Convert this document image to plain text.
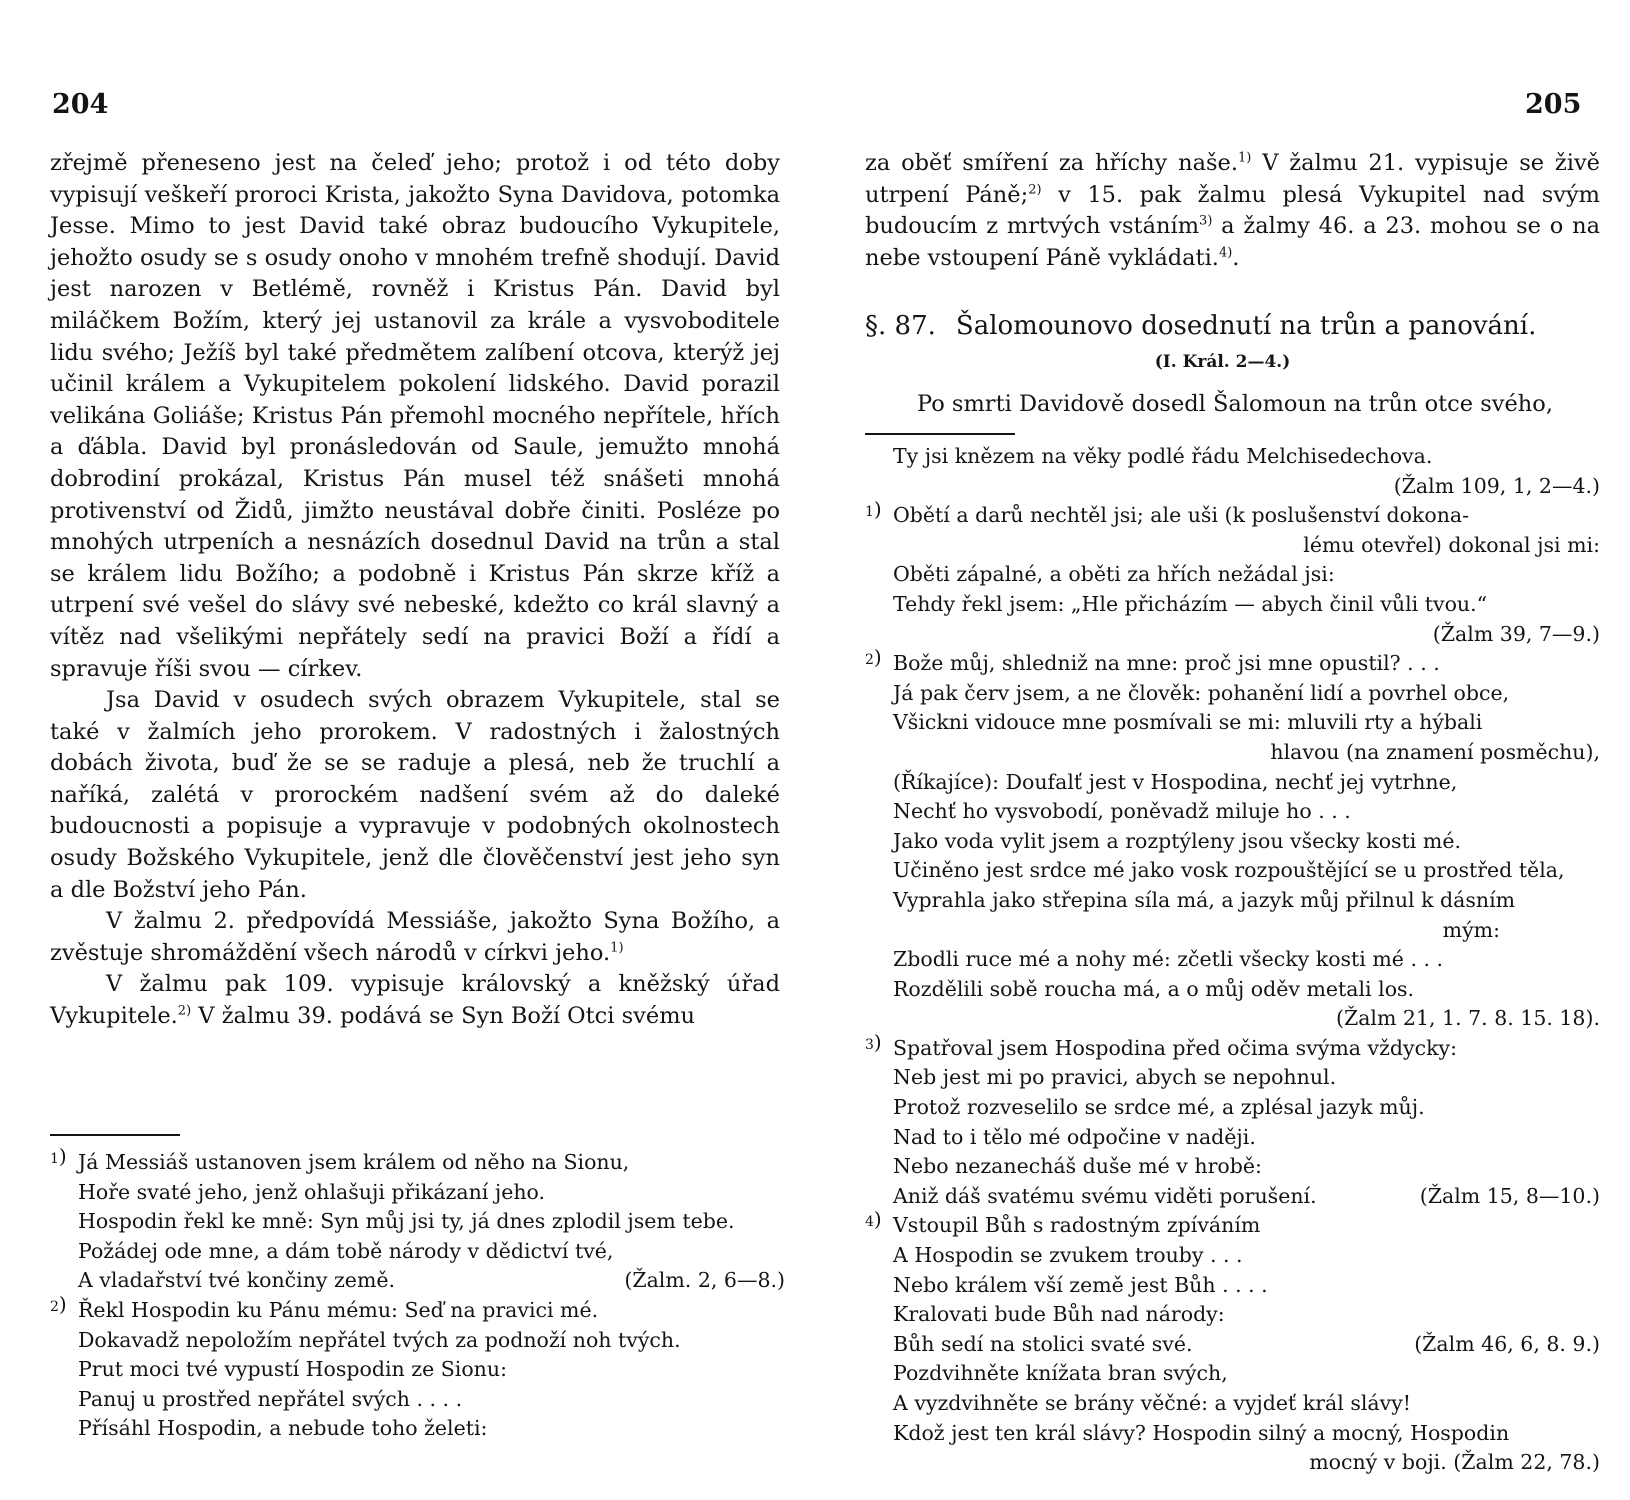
204

zřejmě přeneseno jest na čeleď jeho; protož i od této doby vypisují veškeří proroci Krista, jakožto Syna Davidova, potomka Jesse. Mimo to jest David také obraz budoucího Vykupitele, jehožto osudy se s osudy onoho v mnohém trefně shodují. David jest narozen v Betlémě, rovněž i Kristus Pán. David byl miláčkem Božím, který jej ustanovil za krále a vysvoboditele lidu svého; Ježíš byl také předmětem zalíbení otcova, kterýž jej učinil králem a Vykupitelem pokolení lidského. David porazil velikána Goliáše; Kristus Pán přemohl mocného nepřítele, hřích a ďábla. David byl pronásledován od Saule, jemužto mnohá dobrodiní prokázal, Kristus Pán musel též snášeti mnohá protivenství od Židů, jimžto neustával dobře činiti. Posléze po mnohých utrpeních a nesnázích dosednul David na trůn a stal se králem lidu Božího; a podobně i Kristus Pán skrze kříž a utrpení své vešel do slávy své nebeské, kdežto co král slavný a vítěz nad všelikými nepřátely sedí na pravici Boží a řídí a spravuje říši svou — církev.

Jsa David v osudech svých obrazem Vykupitele, stal se také v žalmích jeho prorokem. V radostných i žalostných dobách života, buď že se se raduje a plesá, neb že truchlí a naříká, zalétá v prorockém nadšení svém až do daleké budoucnosti a popisuje a vypravuje v podobných okolnostech osudy Božského Vykupitele, jenž dle člověčenství jest jeho syn a dle Božství jeho Pán.

V žalmu 2. předpovídá Messiáše, jakožto Syna Božího, a zvěstuje shromáždění všech národů v církvi jeho.$^{1)}$

V žalmu pak 109. vypisuje královský a kněžský úřad Vykupitele.$^{2)}$ V žalmu 39. podává se Syn Boží Otci svému

1) Já Messiáš ustanoven jsem králem od něho na Sionu,
Hoře svaté jeho, jenž ohlašuji přikázaní jeho.
Hospodin řekl ke mně: Syn můj jsi ty, já dnes zplodil jsem tebe.
Požádej ode mne, a dám tobě národy v dědictví tvé,
A vladařství tvé končiny země.	(Žalm. 2, 6—8.)
2) Řekl Hospodin ku Pánu mému: Seď na pravici mé.
Dokavadž nepoložím nepřátel tvých za podnoží noh tvých.
Prut moci tvé vypustí Hospodin ze Sionu:
Panuj u prostřed nepřátel svých . . . .
Přísáhl Hospodin, a nebude toho želeti:
205

za oběť smíření za hříchy naše.$^{1)}$ V žalmu 21. vypisuje se živě utrpení Páně;$^{2)}$ v 15. pak žalmu plesá Vykupitel nad svým budoucím z mrtvých vstáním$^{3)}$ a žalmy 46. a 23. mohou se o na nebe vstoupení Páně vykládati.$^{4)}$.

§. 87. Šalomounovo dosednutí na trůn a panování.
(I. Král. 2—4.)
Po smrti Davidově dosedl Šalomoun na trůn otce svého,
Ty jsi knězem na věky podlé řádu Melchisedechova.
(Žalm 109, 1, 2—4.)
1) Obětí a darů nechtěl jsi; ale uši (k poslušenství dokona-
lému otevřel) dokonal jsi mi:
Oběti zápalné, a oběti za hřích nežádal jsi:
Tehdy řekl jsem: „Hle přicházím — abych činil vůli tvou.“
(Žalm 39, 7—9.)
2) Bože můj, shledniž na mne: proč jsi mne opustil? . . .
Já pak červ jsem, a ne člověk: pohanění lidí a povrhel obce,
Všickni vidouce mne posmívali se mi: mluvili rty a hýbali
hlavou (na znamení posměchu),
(Říkajíce): Doufalť jest v Hospodina, nechť jej vytrhne,
Nechť ho vysvobodí, poněvadž miluje ho . . .
Jako voda vylit jsem a rozptýleny jsou všecky kosti mé.
Učiněno jest srdce mé jako vosk rozpouštějící se u prostřed těla,
Vyprahla jako střepina síla má, a jazyk můj přilnul k dásním
mým:
Zbodli ruce mé a nohy mé: zčetli všecky kosti mé . . .
Rozdělili sobě roucha má, a o můj oděv metali los.
(Žalm 21, 1. 7. 8. 15. 18).
3) Spatřoval jsem Hospodina před očima svýma vždycky:
Neb jest mi po pravici, abych se nepohnul.
Protož rozveselilo se srdce mé, a zplésal jazyk můj.
Nad to i tělo mé odpočine v naději.
Nebo nezanecháš duše mé v hrobě:
Aniž dáš svatému svému viděti porušení.	(Žalm 15, 8—10.)
4) Vstoupil Bůh s radostným zpíváním
A Hospodin se zvukem trouby . . .
Nebo králem vší země jest Bůh . . . .
Kralovati bude Bůh nad národy:
Bůh sedí na stolici svaté své.	(Žalm 46, 6, 8. 9.)
Pozdvihněte knížata bran svých,
A vyzdvihněte se brány věčné: a vyjdeť král slávy!
Kdož jest ten král slávy? Hospodin silný a mocný, Hospodin
mocný v boji. (Žalm 22, 78.)
